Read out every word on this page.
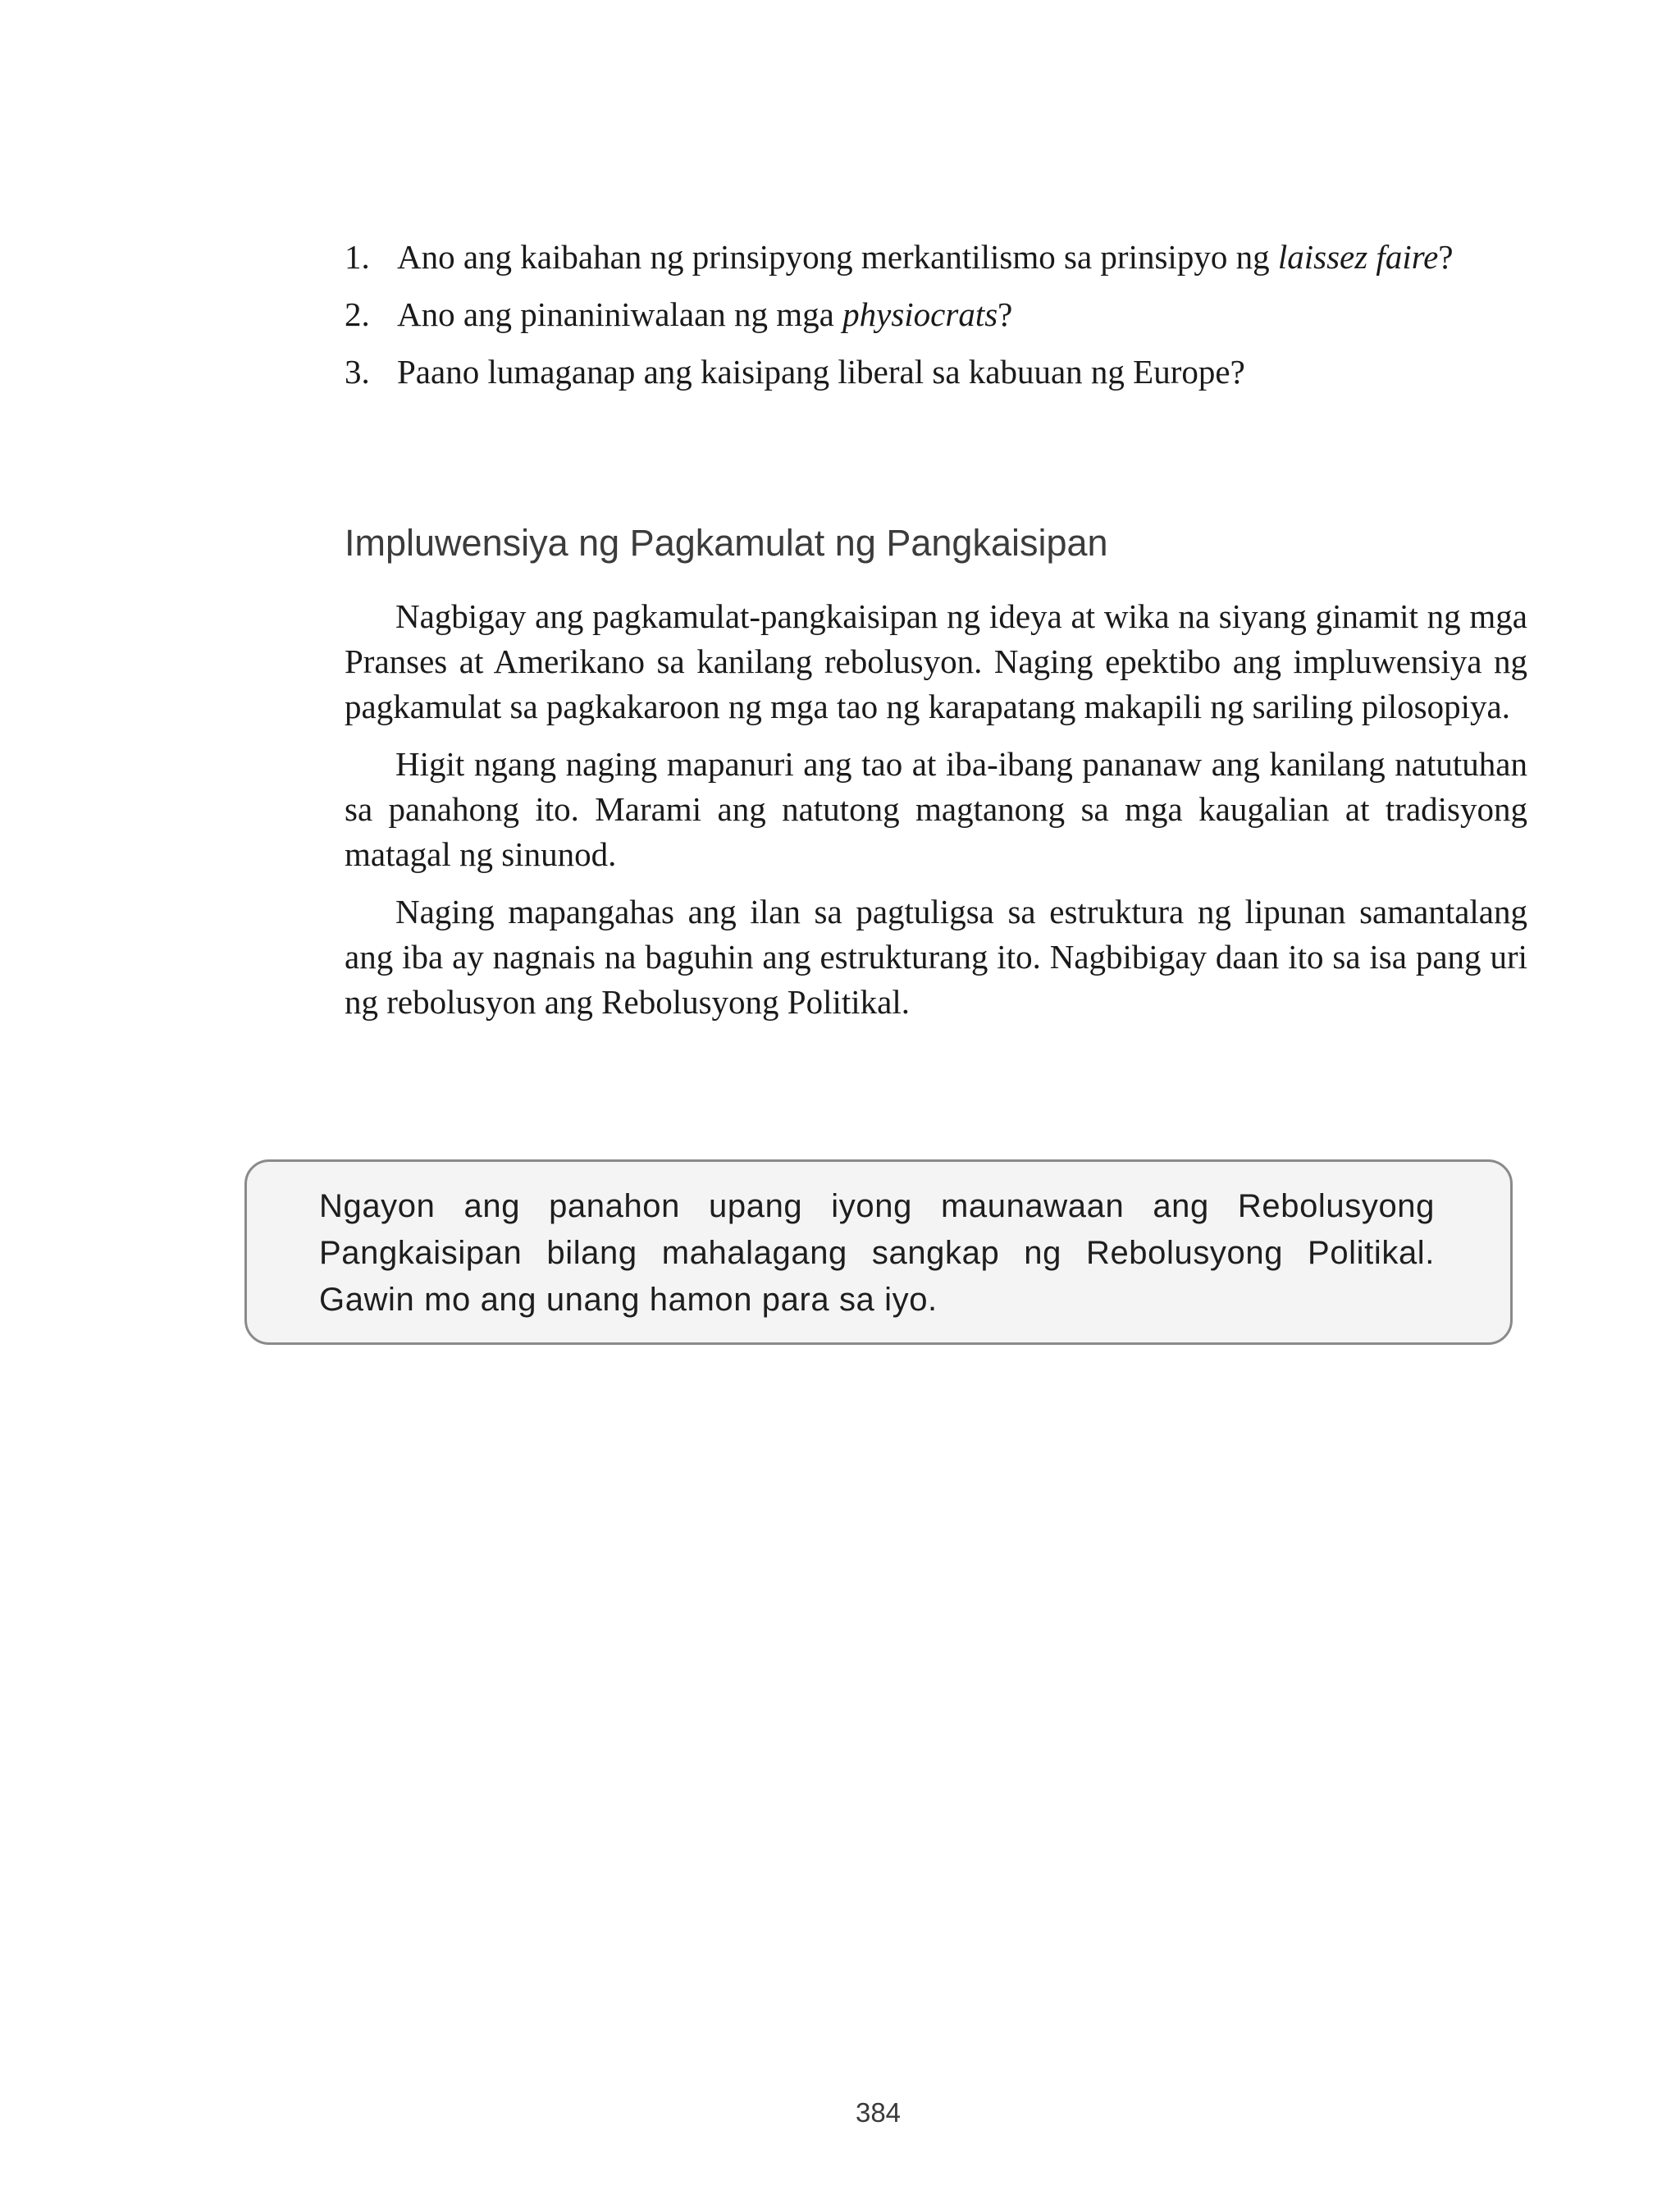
1. Ano ang kaibahan ng prinsipyong merkantilismo sa prinsipyo ng laissez faire?
2. Ano ang pinaniniwalaan ng mga physiocrats?
3. Paano lumaganap ang kaisipang liberal sa kabuuan ng Europe?
Impluwensiya ng Pagkamulat ng Pangkaisipan

Nagbigay ang pagkamulat-pangkaisipan ng ideya at wika na siyang ginamit ng mga Pranses at Amerikano sa kanilang rebolusyon. Naging epektibo ang impluwensiya ng pagkamulat sa pagkakaroon ng mga tao ng karapatang makapili ng sariling pilosopiya.

Higit ngang naging mapanuri ang tao at iba-ibang pananaw ang kanilang natutuhan sa panahong ito. Marami ang natutong magtanong sa mga kaugalian at tradisyong matagal ng sinunod.

Naging mapangahas ang ilan sa pagtuligsa sa estruktura ng lipunan samantalang ang iba ay nagnais na baguhin ang estrukturang ito. Nagbibigay daan ito sa isa pang uri ng rebolusyon ang Rebolusyong Politikal.

Ngayon ang panahon upang iyong maunawaan ang Rebolusyong Pangkaisipan bilang mahalagang sangkap ng Rebolusyong Politikal. Gawin mo ang unang hamon para sa iyo.

384
